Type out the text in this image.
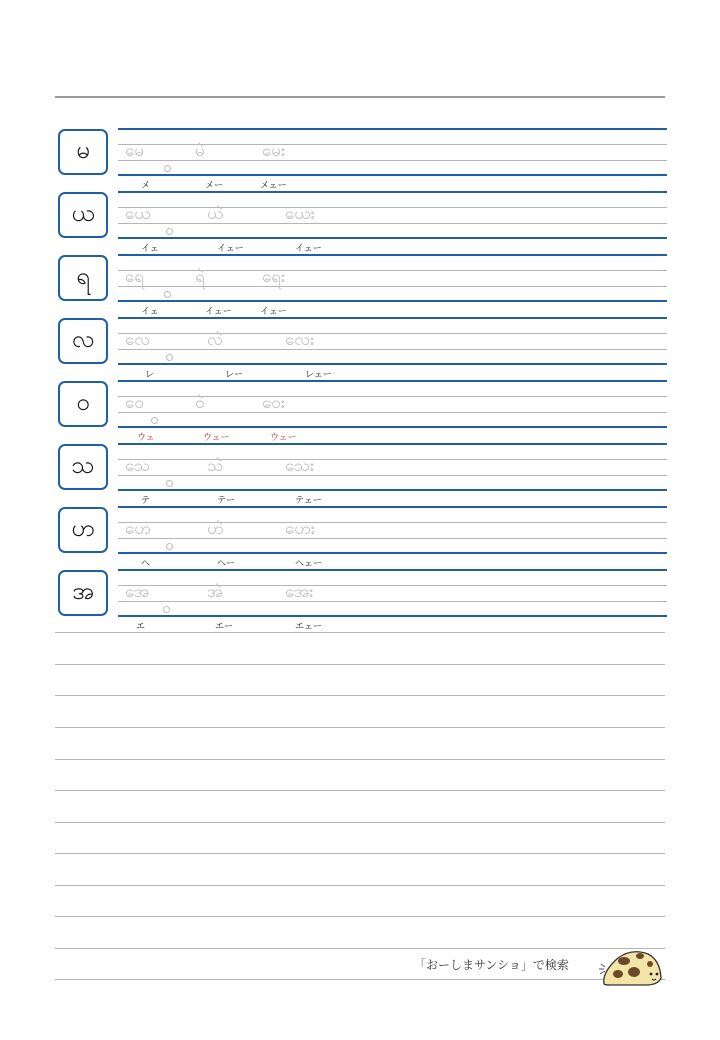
မ	မေ	မဲ	မေး
メ	メー	メェー
ယ	ယေ	ယဲ	ယေး
イェ	イェー	イェー
ရ	ရေ	ရဲ	ရေး
イェ	イェー	イェー
လ	လေ	လဲ	လေး
レ	レー	レェー
ဝ	ဝေ	ဝဲ	ဝေး
ウェ	ウェー	ウェー
သ	သေ	သဲ	သေး
テ	テー	テェー
ဟ	ဟေ	ဟဲ	ဟေး
ヘ	ヘー	ヘェー
အ	အေ	အဲ	အေး
エ	エー	エェー
「おーしまサンショ」で検索
